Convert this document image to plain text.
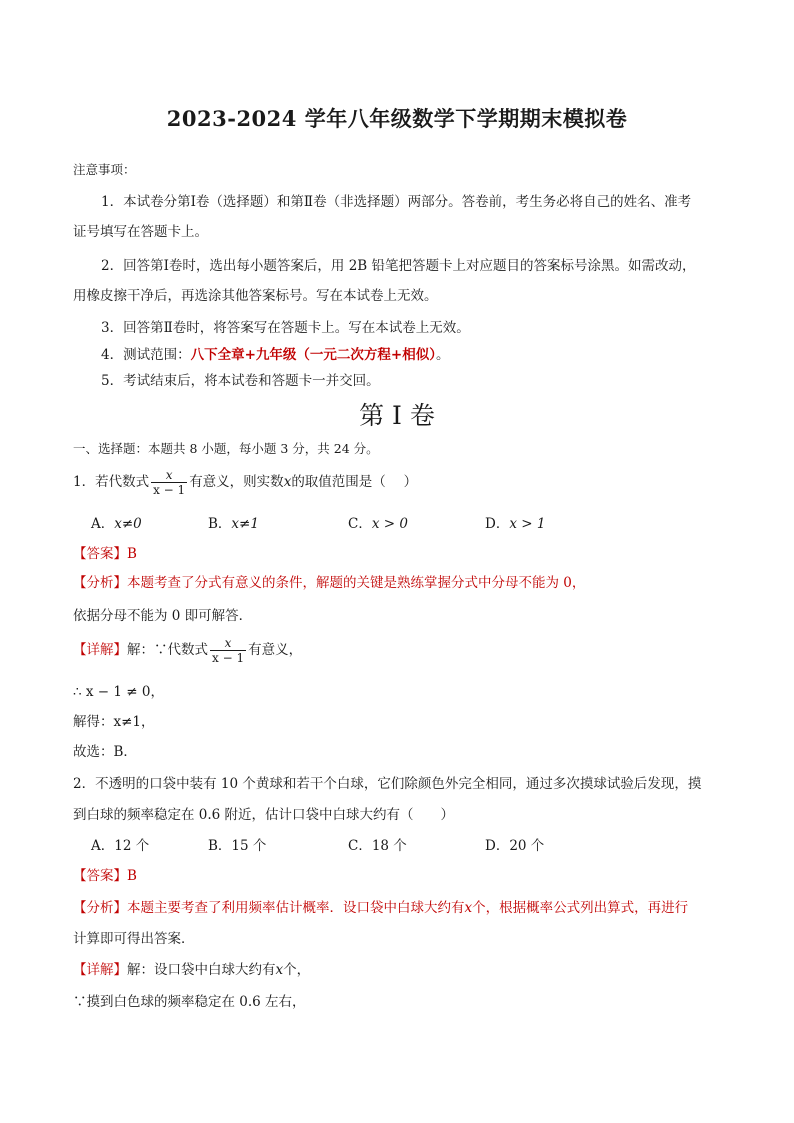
2023-2024 学年八年级数学下学期期末模拟卷
注意事项：
1．本试卷分第Ⅰ卷（选择题）和第Ⅱ卷（非选择题）两部分。答卷前，考生务必将自己的姓名、准考
证号填写在答题卡上。
2．回答第Ⅰ卷时，选出每小题答案后，用 2B 铅笔把答题卡上对应题目的答案标号涂黑。如需改动，
用橡皮擦干净后，再选涂其他答案标号。写在本试卷上无效。
3．回答第Ⅱ卷时，将答案写在答题卡上。写在本试卷上无效。
4．测试范围：八下全章+九年级（一元二次方程+相似）。
5．考试结束后，将本试卷和答题卡一并交回。
第 I 卷
一、选择题：本题共 8 小题，每小题 3 分，共 24 分。
1．若代数式 $\frac{x}{x - 1}$ 有意义，则实数x的取值范围是（　 ）
A．x≠0	B．x≠1	C．x > 0	D．x > 1
【答案】B
【分析】本题考查了分式有意义的条件，解题的关键是熟练掌握分式中分母不能为 0，
依据分母不能为 0 即可解答．
【详解】解：∵代数式 $\frac{x}{x - 1}$ 有意义，
∴ x − 1 ≠ 0，
解得：x≠1，
故选：B．
2．不透明的口袋中装有 10 个黄球和若干个白球，它们除颜色外完全相同，通过多次摸球试验后发现，摸
到白球的频率稳定在 0.6 附近，估计口袋中白球大约有（　　）
A．12 个	B．15 个	C．18 个	D．20 个
【答案】B
【分析】本题主要考查了利用频率估计概率．设口袋中白球大约有x个，根据概率公式列出算式，再进行
计算即可得出答案．
【详解】解：设口袋中白球大约有x个，
∵摸到白色球的频率稳定在 0.6 左右，
